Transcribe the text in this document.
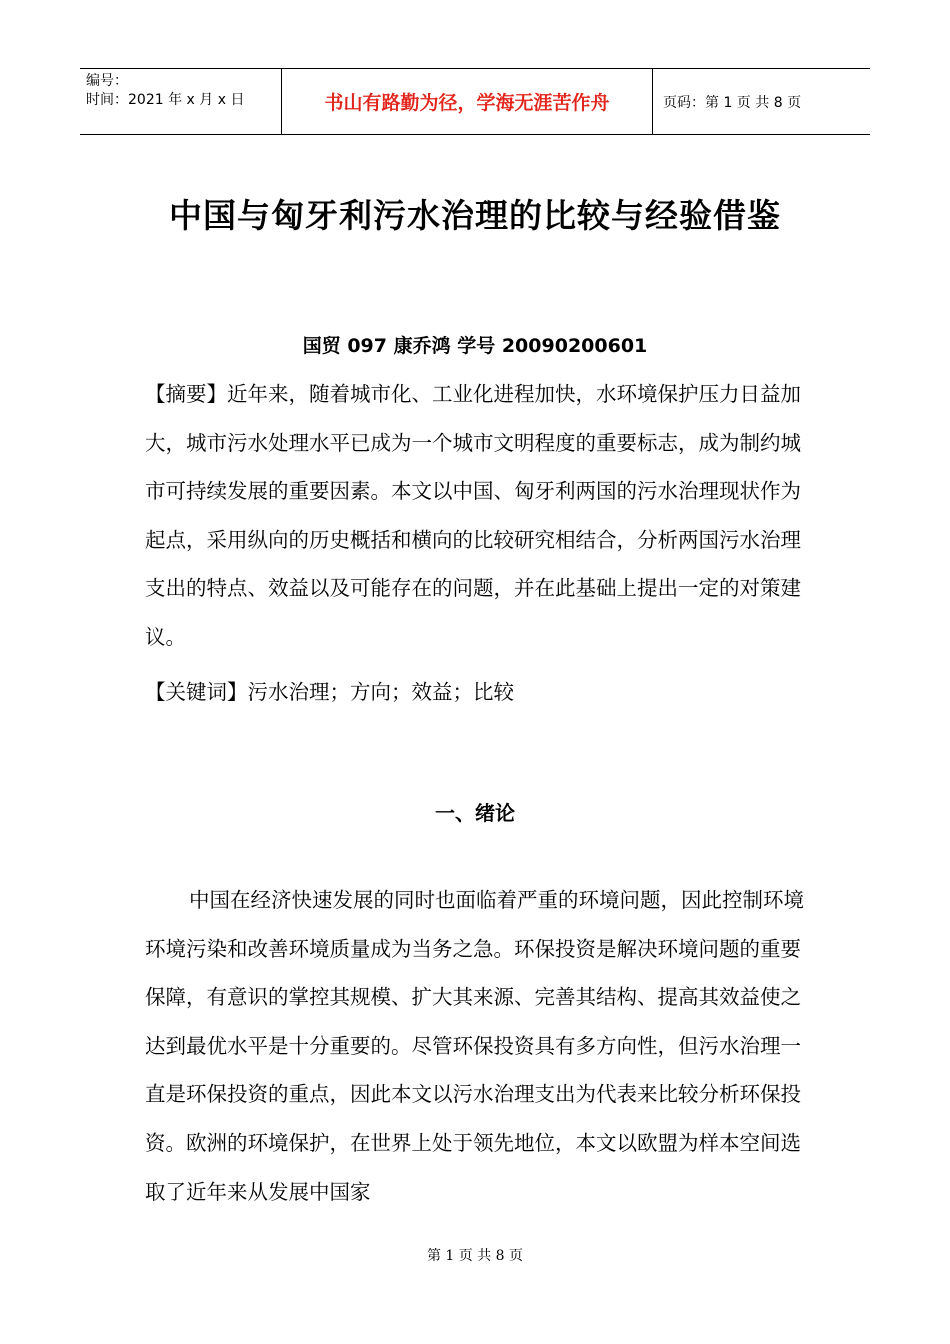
编号：
时间：2021 年 x 月 x 日	书山有路勤为径，学海无涯苦作舟	页码：第 1 页 共 8 页
中国与匈牙利污水治理的比较与经验借鉴
国贸 097 康乔鸿 学号 20090200601
【摘要】近年来，随着城市化、工业化进程加快，水环境保护压力日益加大，城市污水处理水平已成为一个城市文明程度的重要标志，成为制约城市可持续发展的重要因素。本文以中国、匈牙利两国的污水治理现状作为起点，采用纵向的历史概括和横向的比较研究相结合，分析两国污水治理支出的特点、效益以及可能存在的问题，并在此基础上提出一定的对策建议。
【关键词】污水治理；方向；效益；比较
一、绪论
中国在经济快速发展的同时也面临着严重的环境问题，因此控制环境环境污染和改善环境质量成为当务之急。环保投资是解决环境问题的重要保障，有意识的掌控其规模、扩大其来源、完善其结构、提高其效益使之达到最优水平是十分重要的。尽管环保投资具有多方向性，但污水治理一直是环保投资的重点，因此本文以污水治理支出为代表来比较分析环保投资。欧洲的环境保护，在世界上处于领先地位，本文以欧盟为样本空间选取了近年来从发展中国家
第 1 页 共 8 页
